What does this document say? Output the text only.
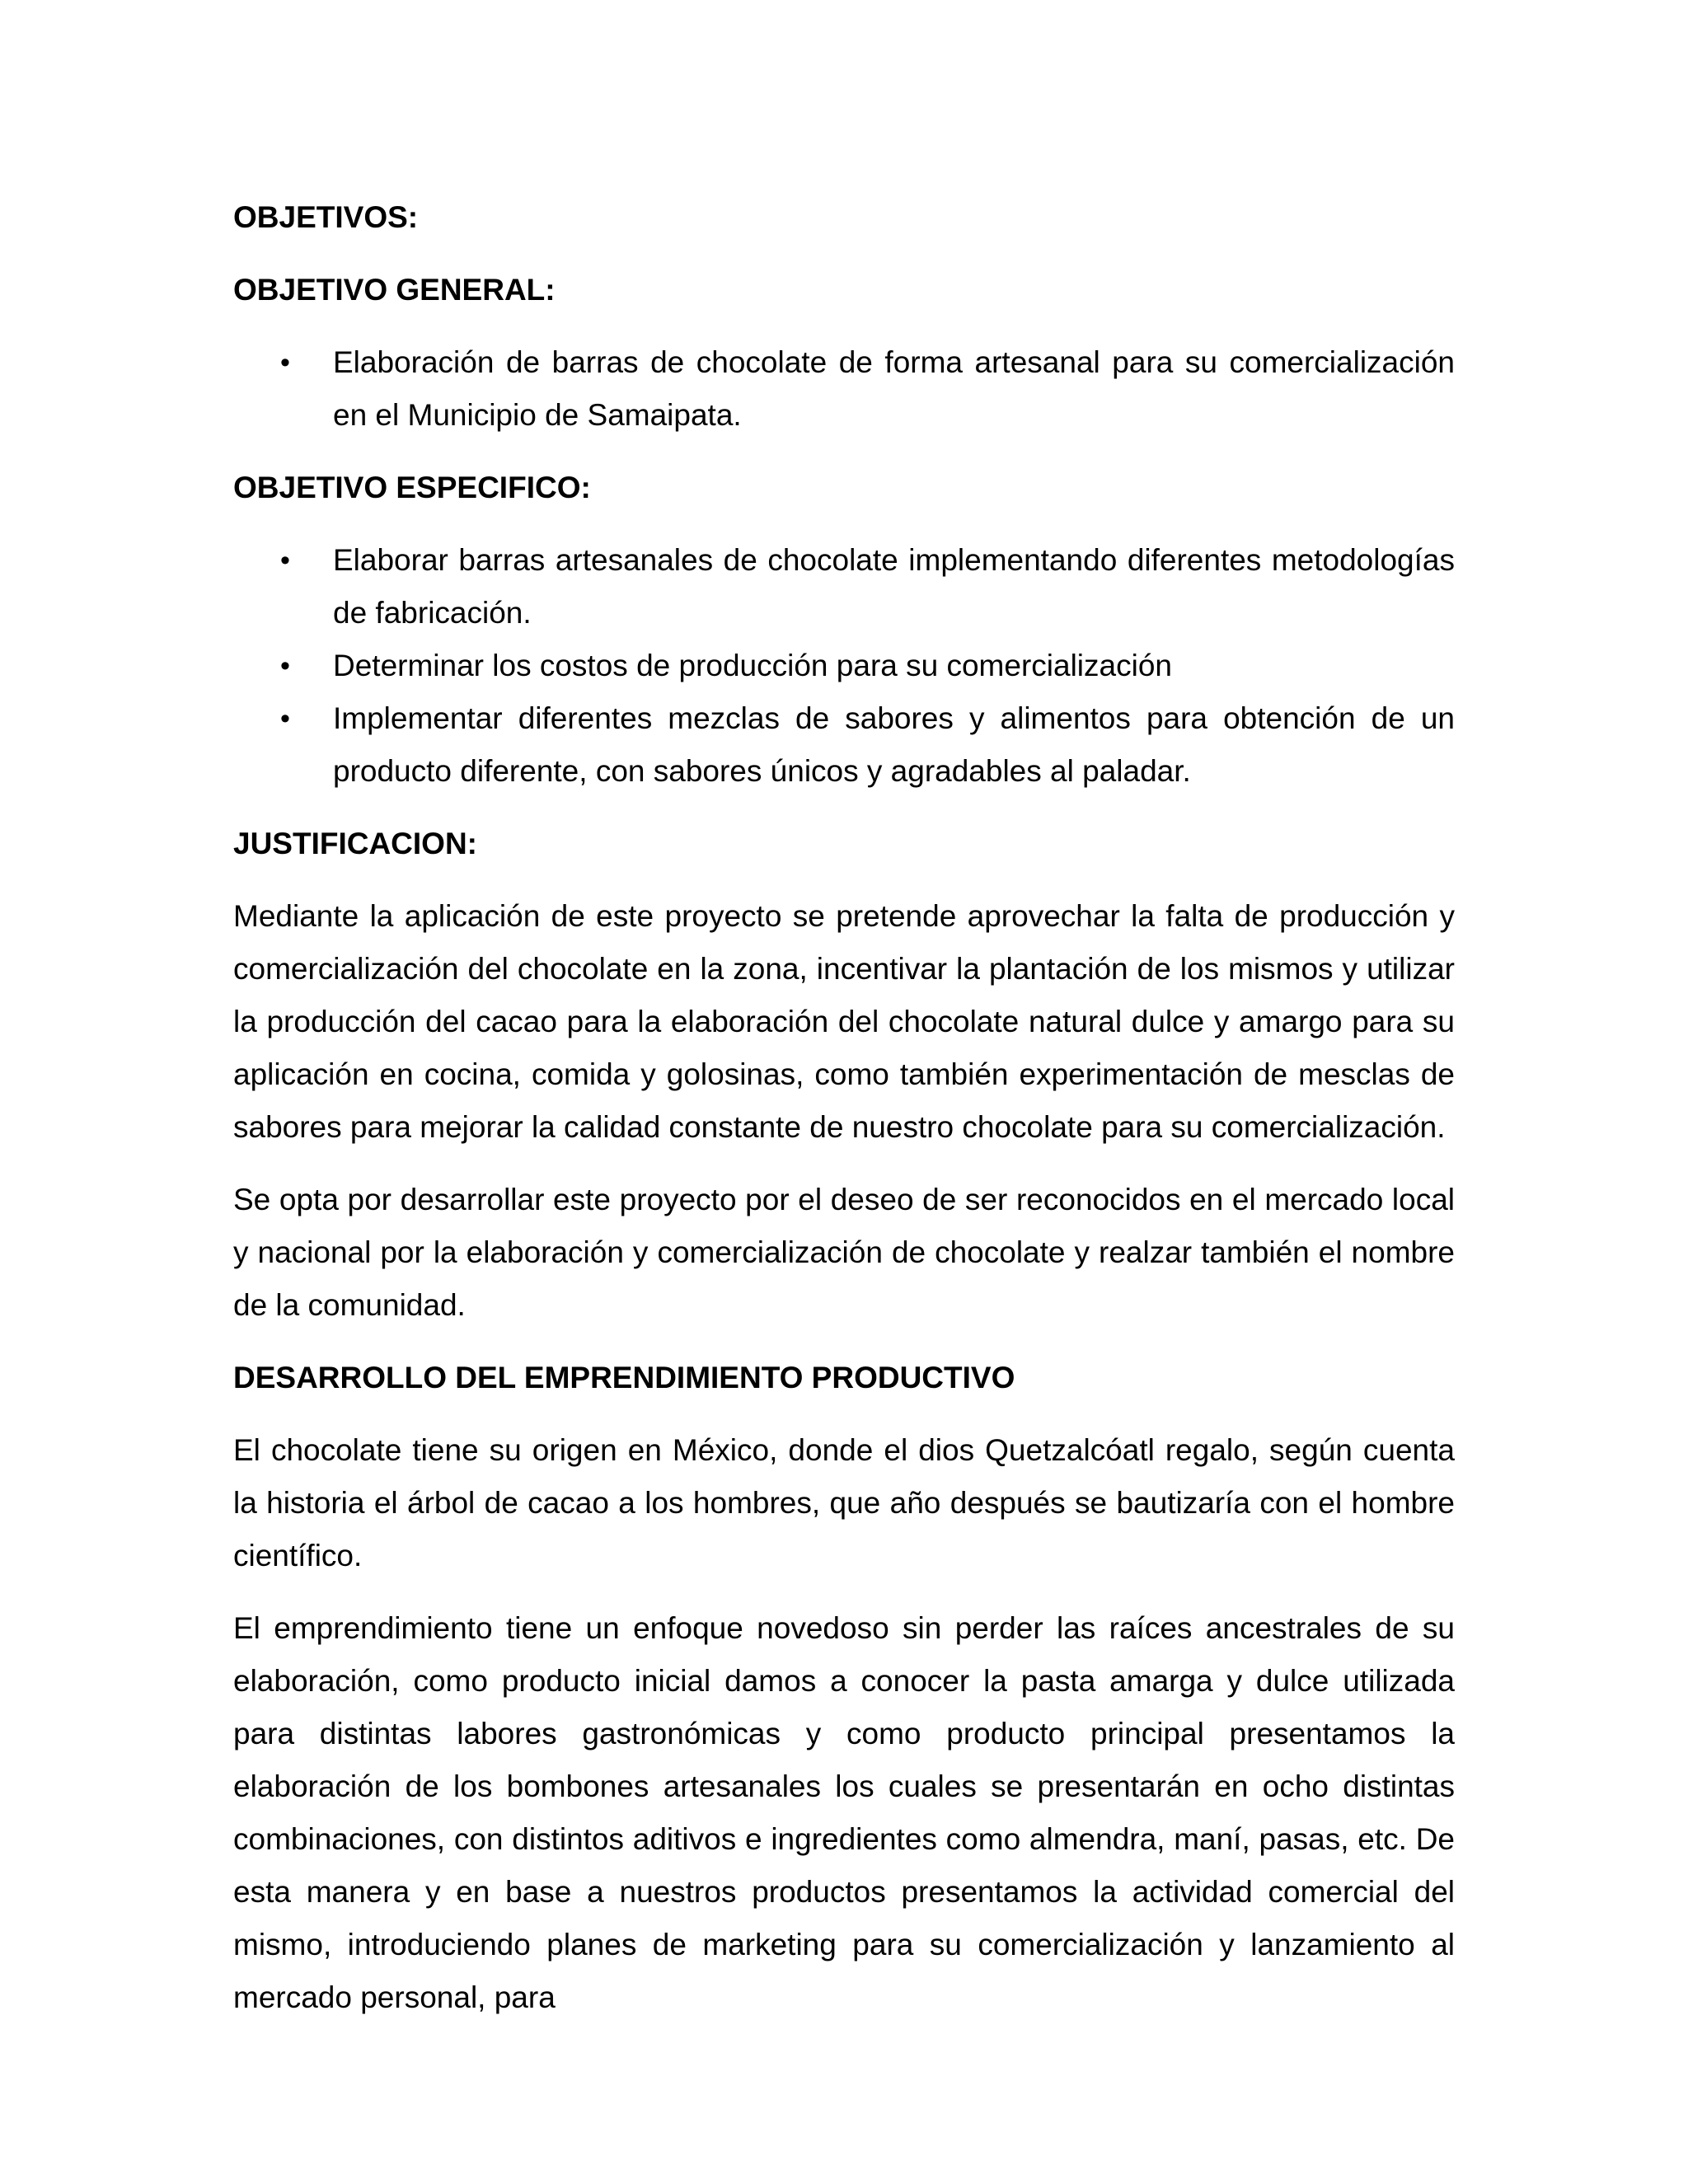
OBJETIVOS:
OBJETIVO GENERAL:
• Elaboración de barras de chocolate de forma artesanal para su comercialización en el Municipio de Samaipata.
OBJETIVO ESPECIFICO:
• Elaborar barras artesanales de chocolate implementando diferentes metodologías de fabricación.
• Determinar los costos de producción para su comercialización
• Implementar diferentes mezclas de sabores y alimentos para obtención de un producto diferente, con sabores únicos y agradables al paladar.
JUSTIFICACION:

Mediante la aplicación de este proyecto se pretende aprovechar la falta de producción y comercialización del chocolate en la zona, incentivar la plantación de los mismos y utilizar la producción del cacao para la elaboración del chocolate natural dulce y amargo para su aplicación en cocina, comida y golosinas, como también experimentación de mesclas de sabores para mejorar la calidad constante de nuestro chocolate para su comercialización.

Se opta por desarrollar este proyecto por el deseo de ser reconocidos en el mercado local y nacional por la elaboración y comercialización de chocolate y realzar también el nombre de la comunidad.

DESARROLLO DEL EMPRENDIMIENTO PRODUCTIVO

El chocolate tiene su origen en México, donde el dios Quetzalcóatl regalo, según cuenta la historia el árbol de cacao a los hombres, que año después se bautizaría con el hombre científico.

El emprendimiento tiene un enfoque novedoso sin perder las raíces ancestrales de su elaboración, como producto inicial damos a conocer la pasta amarga y dulce utilizada para distintas labores gastronómicas y como producto principal presentamos la elaboración de los bombones artesanales los cuales se presentarán en ocho distintas combinaciones, con distintos aditivos e ingredientes como almendra, maní, pasas, etc. De esta manera y en base a nuestros productos presentamos la actividad comercial del mismo, introduciendo planes de marketing para su comercialización y lanzamiento al mercado personal, para
